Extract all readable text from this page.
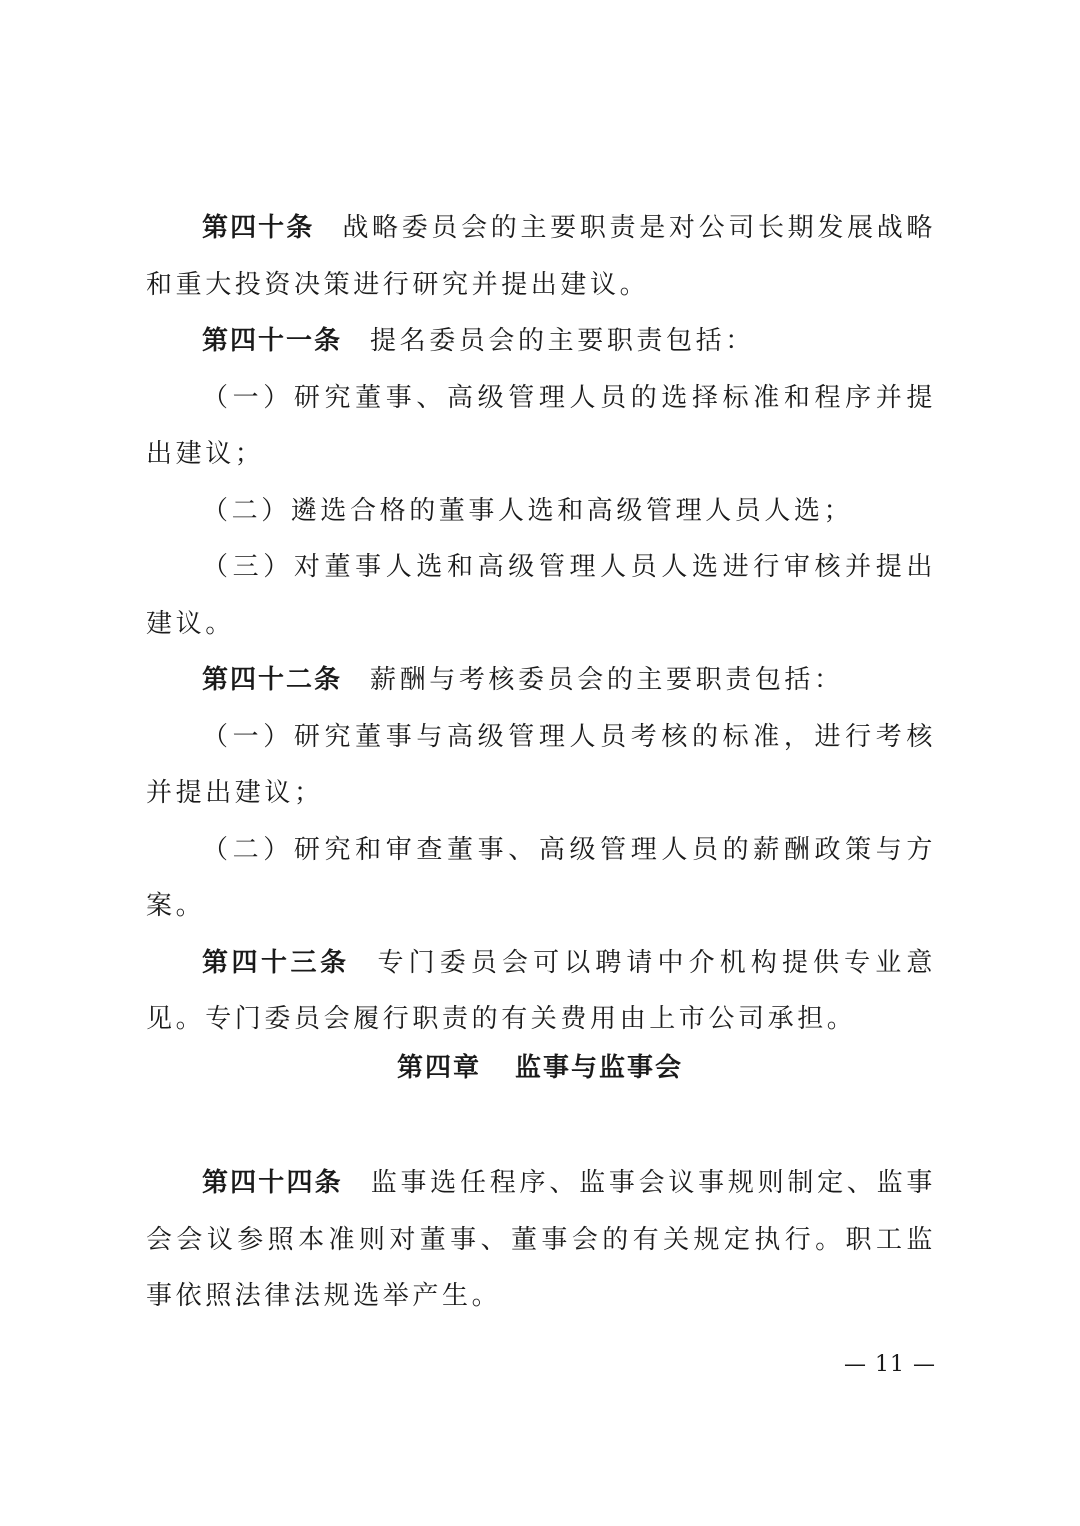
第四十条 战略委员会的主要职责是对公司长期发展战略和重大投资决策进行研究并提出建议。

第四十一条 提名委员会的主要职责包括：

（一）研究董事、高级管理人员的选择标准和程序并提出建议；

（二）遴选合格的董事人选和高级管理人员人选；

（三）对董事人选和高级管理人员人选进行审核并提出建议。

第四十二条 薪酬与考核委员会的主要职责包括：

（一）研究董事与高级管理人员考核的标准，进行考核并提出建议；

（二）研究和审查董事、高级管理人员的薪酬政策与方案。

第四十三条 专门委员会可以聘请中介机构提供专业意见。专门委员会履行职责的有关费用由上市公司承担。

第四章 监事与监事会

第四十四条 监事选任程序、监事会议事规则制定、监事会会议参照本准则对董事、董事会的有关规定执行。职工监事依照法律法规选举产生。

— 11 —
